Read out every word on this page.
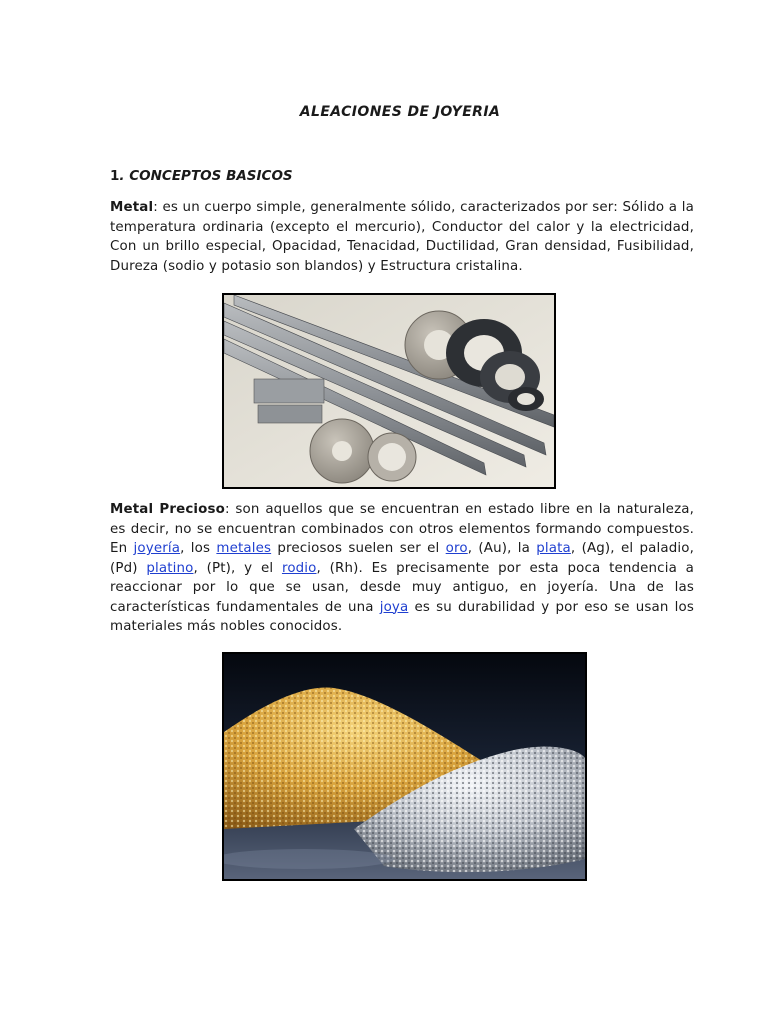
ALEACIONES DE JOYERIA
1. CONCEPTOS BASICOS
Metal: es un cuerpo simple, generalmente sólido, caracterizados por ser: Sólido a la temperatura ordinaria (excepto el mercurio), Conductor del calor y la electricidad, Con un brillo especial, Opacidad, Tenacidad, Ductilidad, Gran densidad, Fusibilidad, Dureza (sodio y potasio son blandos) y Estructura cristalina.
Metal Precioso: son aquellos que se encuentran en estado libre en la naturaleza, es decir, no se encuentran combinados con otros elementos formando compuestos. En joyería, los metales preciosos suelen ser el oro, (Au), la plata, (Ag), el paladio, (Pd) platino, (Pt), y el rodio, (Rh). Es precisamente por esta poca tendencia a reaccionar por lo que se usan, desde muy antiguo, en joyería. Una de las características fundamentales de una joya es su durabilidad y por eso se usan los materiales más nobles conocidos.
